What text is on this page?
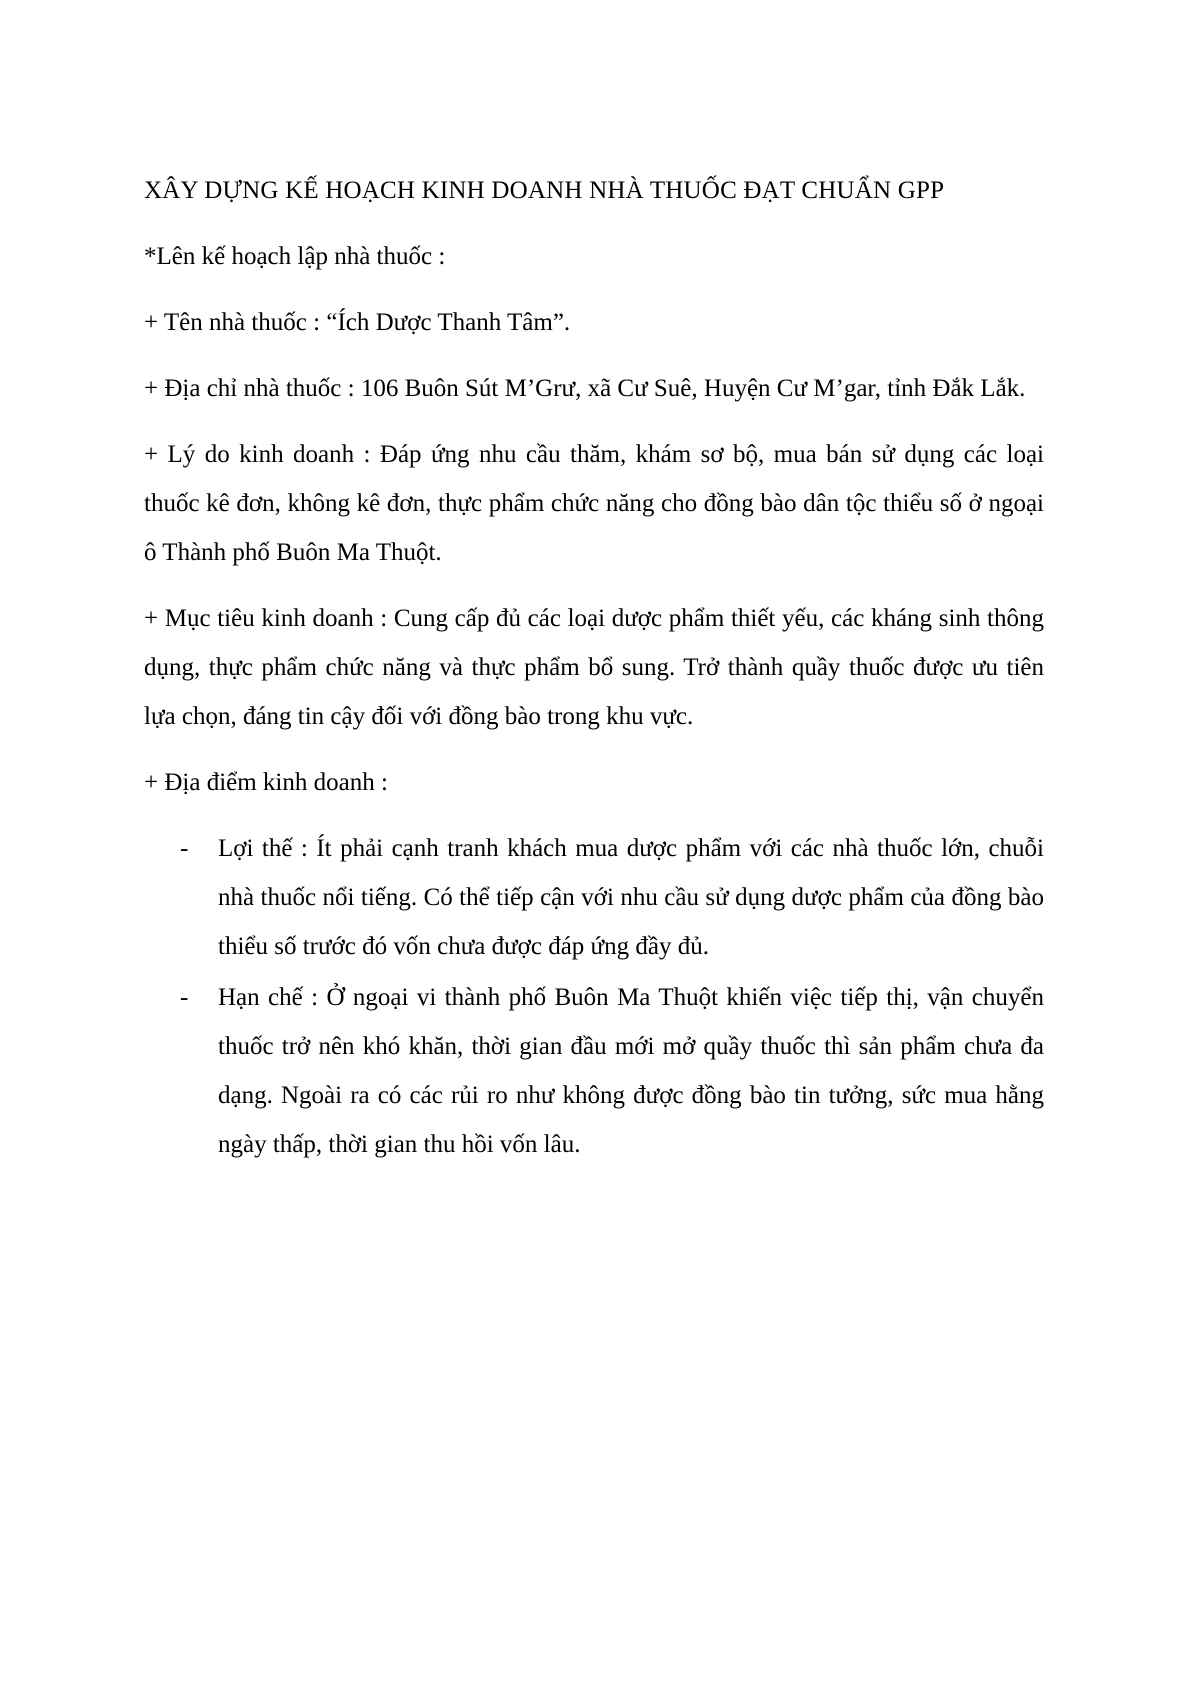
XÂY DỰNG KẾ HOẠCH KINH DOANH NHÀ THUỐC ĐẠT CHUẨN GPP

*Lên kế hoạch lập nhà thuốc :

+ Tên nhà thuốc : “Ích Dược Thanh Tâm”.

+ Địa chỉ nhà thuốc : 106 Buôn Sút M’Grư, xã Cư Suê, Huyện Cư M’gar, tỉnh Đắk Lắk.

+ Lý do kinh doanh : Đáp ứng nhu cầu thăm, khám sơ bộ, mua bán sử dụng các loại thuốc kê đơn, không kê đơn, thực phẩm chức năng cho đồng bào dân tộc thiểu số ở ngoại ô Thành phố Buôn Ma Thuột.

+ Mục tiêu kinh doanh : Cung cấp đủ các loại dược phẩm thiết yếu, các kháng sinh thông dụng, thực phẩm chức năng và thực phẩm bổ sung. Trở thành quầy thuốc được ưu tiên lựa chọn, đáng tin cậy đối với đồng bào trong khu vực.

+ Địa điểm kinh doanh :

- Lợi thế : Ít phải cạnh tranh khách mua dược phẩm với các nhà thuốc lớn, chuỗi nhà thuốc nổi tiếng. Có thể tiếp cận với nhu cầu sử dụng dược phẩm của đồng bào thiểu số trước đó vốn chưa được đáp ứng đầy đủ.
- Hạn chế : Ở ngoại vi thành phố Buôn Ma Thuột khiến việc tiếp thị, vận chuyển thuốc trở nên khó khăn, thời gian đầu mới mở quầy thuốc thì sản phẩm chưa đa dạng. Ngoài ra có các rủi ro như không được đồng bào tin tưởng, sức mua hằng ngày thấp, thời gian thu hồi vốn lâu.
